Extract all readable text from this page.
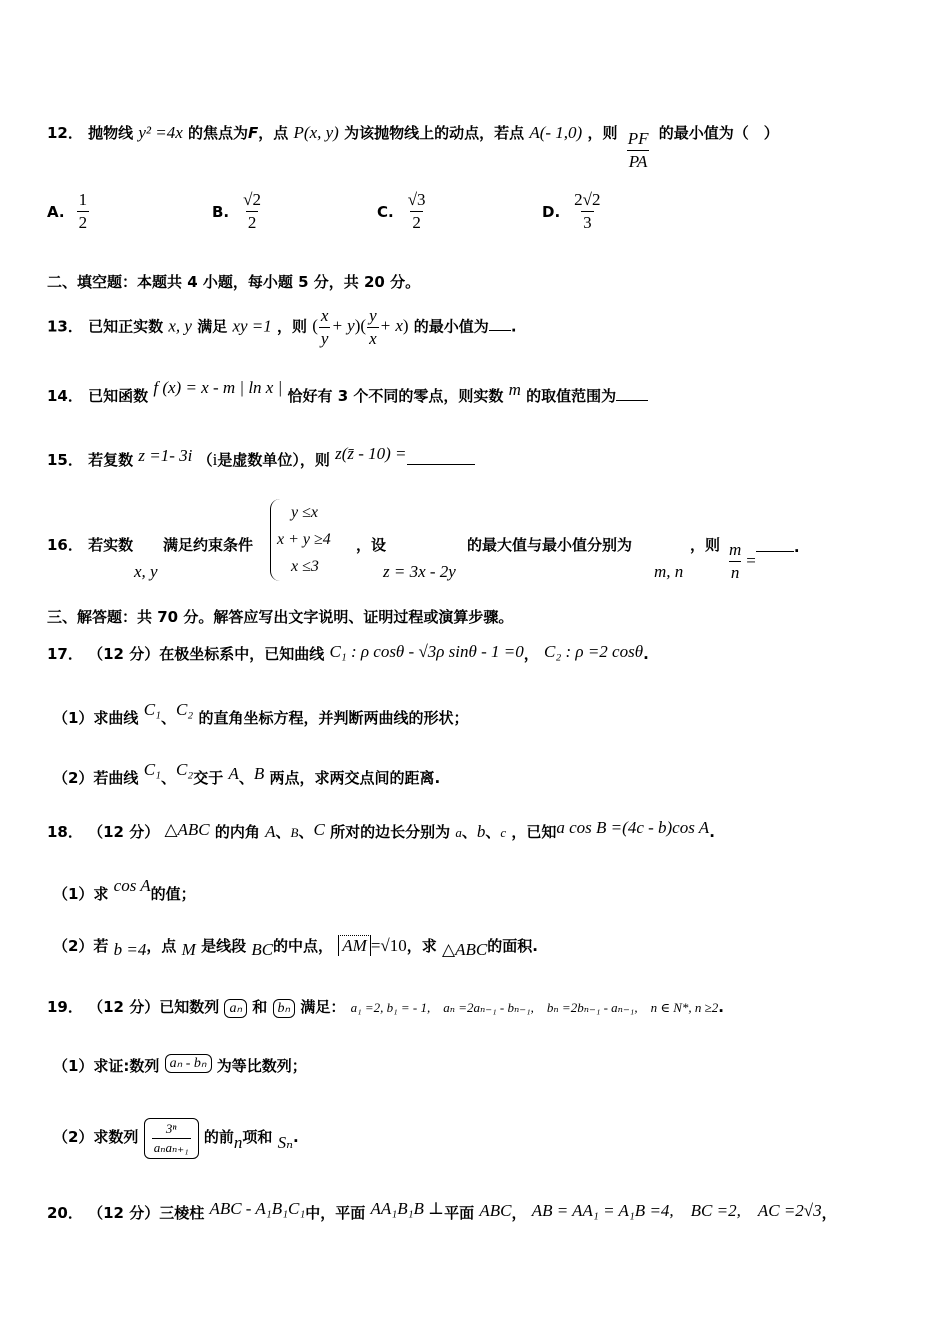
12． 抛物线 y² =4x 的焦点为F，点 P(x, y) 为该抛物线上的动点，若点 A(- 1,0) ，则 $\frac{PF}{PA}$ 的最小值为（　）
A. $\frac{1}{2}$	B. $\frac{√2}{2}$	C. $\frac{√3}{2}$	D. $\frac{2√2}{3}$
二、填空题：本题共 4 小题，每小题 5 分，共 20 分。
13． 已知正实数 x, y 满足 xy =1 ，则 ( $\frac{x}{y} + y)( \frac{y}{x} + x)$ 的最小值为 .
14． 已知函数 f (x) = x - m | ln x | 恰好有 3 个不同的零点，则实数 m 的取值范围为
15． 若复数 z =1- 3i （i是虚数单位），则 z(z̄ - 10) =
16． 若实数
x, y
满足约束条件
y ≤x
x + y ≥4
x ≤3
，设
z = 3x - 2y
的最大值与最小值分别为
m, n
，则 $\frac{m}{n}$ =.
三、解答题：共 70 分。解答应写出文字说明、证明过程或演算步骤。
17． （12 分）在极坐标系中，已知曲线 C₁ : ρ cosθ - √3ρ sinθ - 1 =0， C₂ : ρ =2 cosθ.
（1）求曲线 C₁、C₂ 的直角坐标方程，并判断两曲线的形状；
（2）若曲线 C₁、C₂交于 A、B 两点，求两交点间的距离.
18． （12 分） △ABC 的内角 A、B、C 所对的边长分别为 a、b、c ，已知a cos B =(4c - b)cos A.
（1）求 cos A的值；
（2）若 b =4，点 M 是线段 BC的中点， AM =√10，求 △ABC的面积.
19． （12 分）已知数列 aₙ 和 bₙ 满足： a₁ =2, b₁ = - 1,　aₙ =2aₙ₋₁ - bₙ₋₁,　bₙ =2bₙ₋₁ - aₙ₋₁,　n ∈ N*, n ≥2.
（1）求证:数列 aₙ - bₙ 为等比数列；
（2）求数列 $\frac{\text{3ⁿ}}{\text{aₙaₙ₊₁}}$ 的前n项和 Sₙ.
20． （12 分）三棱柱 ABC - A₁B₁C₁中，平面 AA₁B₁B ⊥平面 ABC， AB = AA₁ = A₁B =4,　BC =2,　AC =2√3，
